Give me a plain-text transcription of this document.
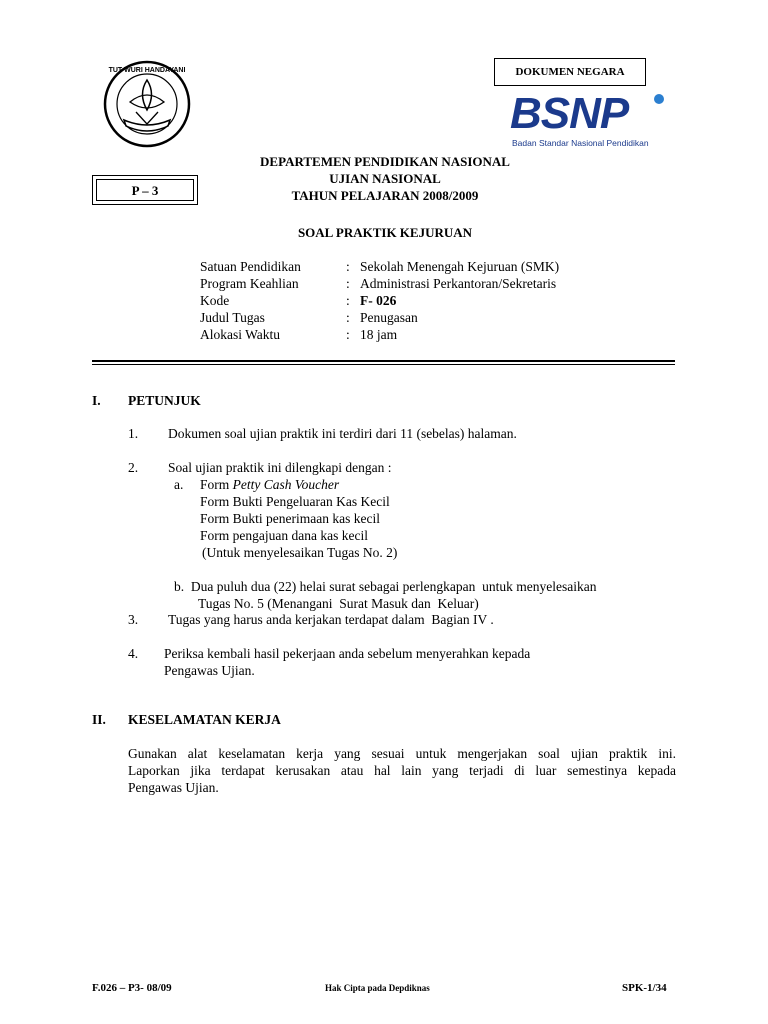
DOKUMEN NEGARA
TUT WURI HANDAYANI
BSNP
Badan Standar Nasional Pendidikan
P – 3
DEPARTEMEN PENDIDIKAN NASIONAL
UJIAN NASIONAL
TAHUN PELAJARAN 2008/2009
SOAL PRAKTIK KEJURUAN
Satuan Pendidikan	: Sekolah Menengah Kejuruan (SMK)
Program Keahlian	: Administrasi Perkantoran/Sekretaris
Kode	: F- 026
Judul Tugas	: Penugasan
Alokasi Waktu	: 18 jam
I. PETUNJUK
1. Dokumen soal ujian praktik ini terdiri dari 11 (sebelas) halaman.
2. Soal ujian praktik ini dilengkapi dengan :
a. Form Petty Cash Voucher
Form Bukti Pengeluaran Kas Kecil
Form Bukti penerimaan kas kecil
Form pengajuan dana kas kecil
(Untuk menyelesaikan Tugas No. 2)
b.  Dua puluh dua (22) helai surat sebagai perlengkapan  untuk menyelesaikan
Tugas No. 5 (Menangani  Surat Masuk dan  Keluar)
3. Tugas yang harus anda kerjakan terdapat dalam  Bagian IV .
4. Periksa kembali hasil pekerjaan anda sebelum menyerahkan kepada
Pengawas Ujian.
II. KESELAMATAN KERJA
Gunakan alat keselamatan kerja yang sesuai untuk mengerjakan soal ujian praktik ini.
Laporkan jika terdapat kerusakan atau hal lain yang terjadi di luar semestinya kepada
Pengawas Ujian.
F.026 – P3- 08/09	Hak Cipta pada Depdiknas	SPK-1/34
